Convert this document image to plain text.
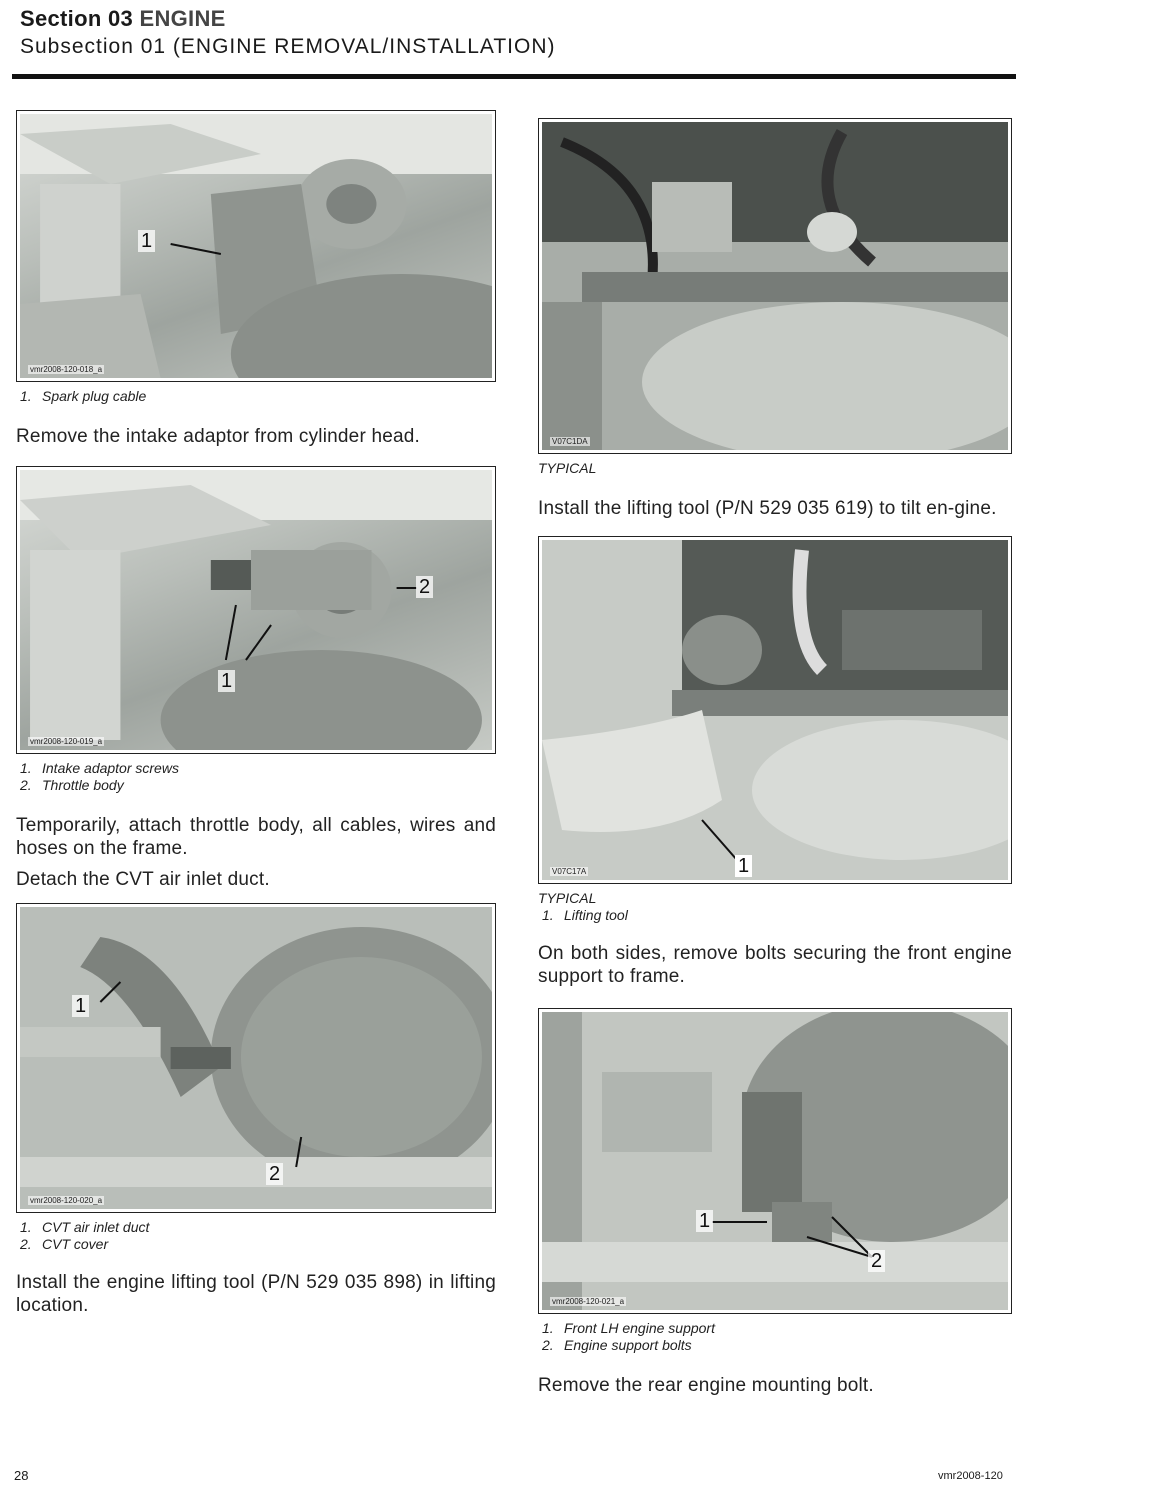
Section 03 ENGINE
Subsection 01 (ENGINE REMOVAL/INSTALLATION)
1
vmr2008-120-018_a
1. Spark plug cable
Remove the intake adaptor from cylinder head.
2
1
vmr2008-120-019_a
1. Intake adaptor screws
2. Throttle body
Temporarily, attach throttle body, all cables, wires and hoses on the frame.
Detach the CVT air inlet duct.
1
2
vmr2008-120-020_a
1. CVT air inlet duct
2. CVT cover
Install the engine lifting tool (P/N 529 035 898) in lifting location.
V07C1DA
TYPICAL
Install the lifting tool (P/N 529 035 619) to tilt en-gine.
V07C17A	1
TYPICAL
1. Lifting tool
On both sides, remove bolts securing the front engine support to frame.
1
2
vmr2008-120-021_a
1. Front LH engine support
2. Engine support bolts
Remove the rear engine mounting bolt.
28	vmr2008-120
